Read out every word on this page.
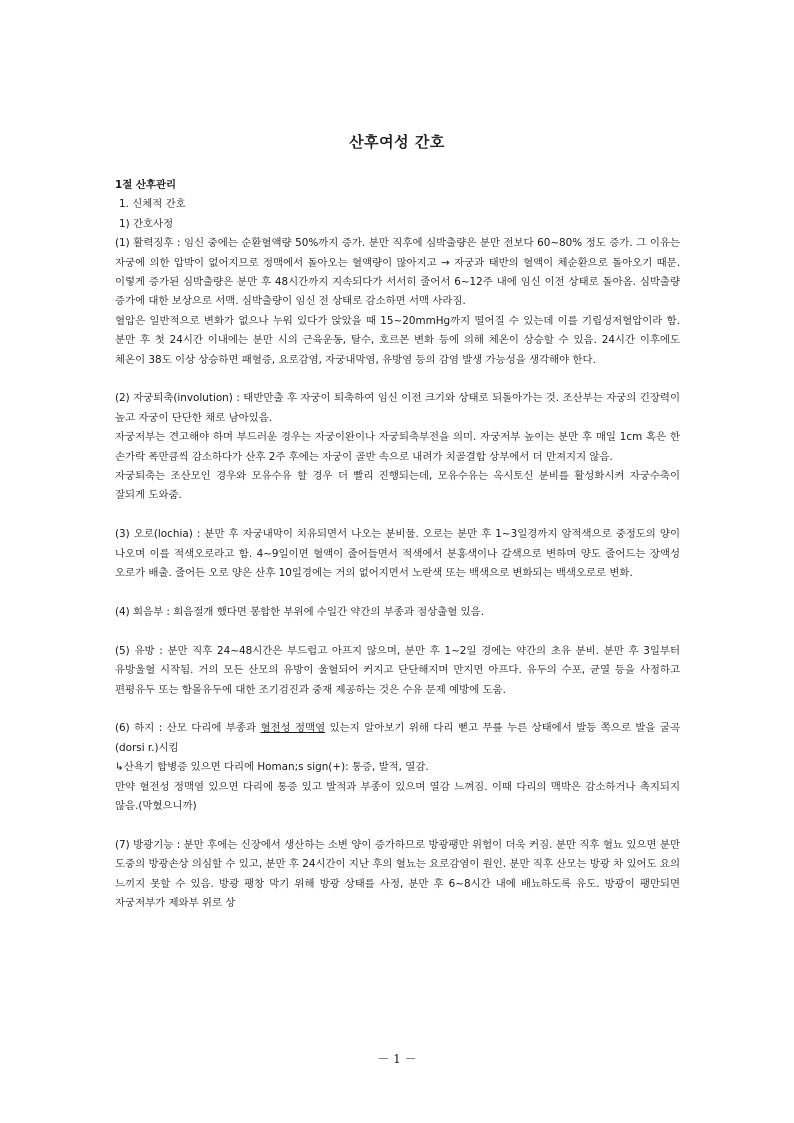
산후여성 간호

1절 산후관리

1. 신체적 간호

1) 간호사정

(1) 활력징후 : 임신 중에는 순환혈액량 50%까지 증가. 분만 직후에 심박출량은 분만 전보다 60~80% 정도 증가. 그 이유는 자궁에 의한 압박이 없어지므로 정맥에서 돌아오는 혈액량이 많아지고 → 자궁과 태반의 혈액이 체순환으로 돌아오기 때문. 이렇게 증가된 심박출량은 분만 후 48시간까지 지속되다가 서서히 줄어서 6~12주 내에 임신 이전 상태로 돌아옴. 심박출량 증가에 대한 보상으로 서맥. 심박출량이 임신 전 상태로 감소하면 서맥 사라짐.

혈압은 일반적으로 변화가 없으나 누워 있다가 앉았을 때 15~20mmHg까지 떨어질 수 있는데 이를 기립성저혈압이라 함. 분만 후 첫 24시간 이내에는 분만 시의 근육운동, 탈수, 호르몬 변화 등에 의해 체온이 상승할 수 있음. 24시간 이후에도 체온이 38도 이상 상승하면 패혈증, 요로감염, 자궁내막염, 유방염 등의 감염 발생 가능성을 생각해야 한다.

(2) 자궁퇴축(involution) : 태반만출 후 자궁이 퇴축하여 임신 이전 크기와 상태로 되돌아가는 것. 조산부는 자궁의 긴장력이 높고 자궁이 단단한 채로 남아있음.

자궁저부는 견고해야 하며 부드러운 경우는 자궁이완이나 자궁퇴축부전을 의미. 자궁저부 높이는 분만 후 매일 1cm 혹은 한 손가락 폭만큼씩 감소하다가 산후 2주 후에는 자궁이 골반 속으로 내려가 치골결합 상부에서 더 만져지지 않음.

자궁퇴축는 조산모인 경우와 모유수유 할 경우 더 빨리 진행되는데, 모유수유는 옥시토신 분비를 활성화시켜 자궁수축이 잘되게 도와줌.

(3) 오로(lochia) : 분만 후 자궁내막이 치유되면서 나오는 분비물. 오로는 분만 후 1~3일경까지 암적색으로 중정도의 양이 나오며 이를 적색오로라고 함. 4~9일이면 혈액이 줄어들면서 적색에서 분홍색이나 갈색으로 변하며 양도 줄어드는 장액성 오로가 배출. 줄어든 오로 양은 산후 10일경에는 거의 없어지면서 노란색 또는 백색으로 변화되는 백색오로로 변화.

(4) 회음부 : 회음절개 했다면 봉합한 부위에 수일간 약간의 부종과 점상출혈 있음.

(5) 유방 : 분만 직후 24~48시간은 부드럽고 아프지 않으며, 분만 후 1~2일 경에는 약간의 초유 분비. 분만 후 3일부터 유방울혈 시작됨. 거의 모든 산모의 유방이 울혈되어 커지고 단단해지며 만지면 아프다. 유두의 수포, 균열 등을 사정하고 편평유두 또는 함몰유두에 대한 조기검진과 중재 제공하는 것은 수유 문제 예방에 도움.

(6) 하지 : 산모 다리에 부종과 혈전성 정맥염 있는지 알아보기 위해 다리 뻗고 무릎 누른 상태에서 발등 쪽으로 발을 굴곡(dorsi r.)시킴

↳산욕기 합병증 있으면 다리에 Homan;s sign(+): 통증, 발적, 열감.

만약 혈전성 정맥염 있으면 다리에 통증 있고 발적과 부종이 있으며 열감 느껴짐. 이때 다리의 맥박은 감소하거나 촉지되지 않음.(막혔으니까)

(7) 방광기능 : 분만 후에는 신장에서 생산하는 소변 양이 증가하므로 방광팽만 위험이 더욱 커짐. 분만 직후 혈뇨 있으면 분만 도중의 방광손상 의심할 수 있고, 분만 후 24시간이 지난 후의 혈뇨는 요로감염이 원인. 분만 직후 산모는 방광 차 있어도 요의 느끼지 못할 수 있음. 방광 팽창 막기 위해 방광 상태를 사정, 분만 후 6~8시간 내에 배뇨하도록 유도. 방광이 팽만되면 자궁저부가 제와부 위로 상

－ 1 －
